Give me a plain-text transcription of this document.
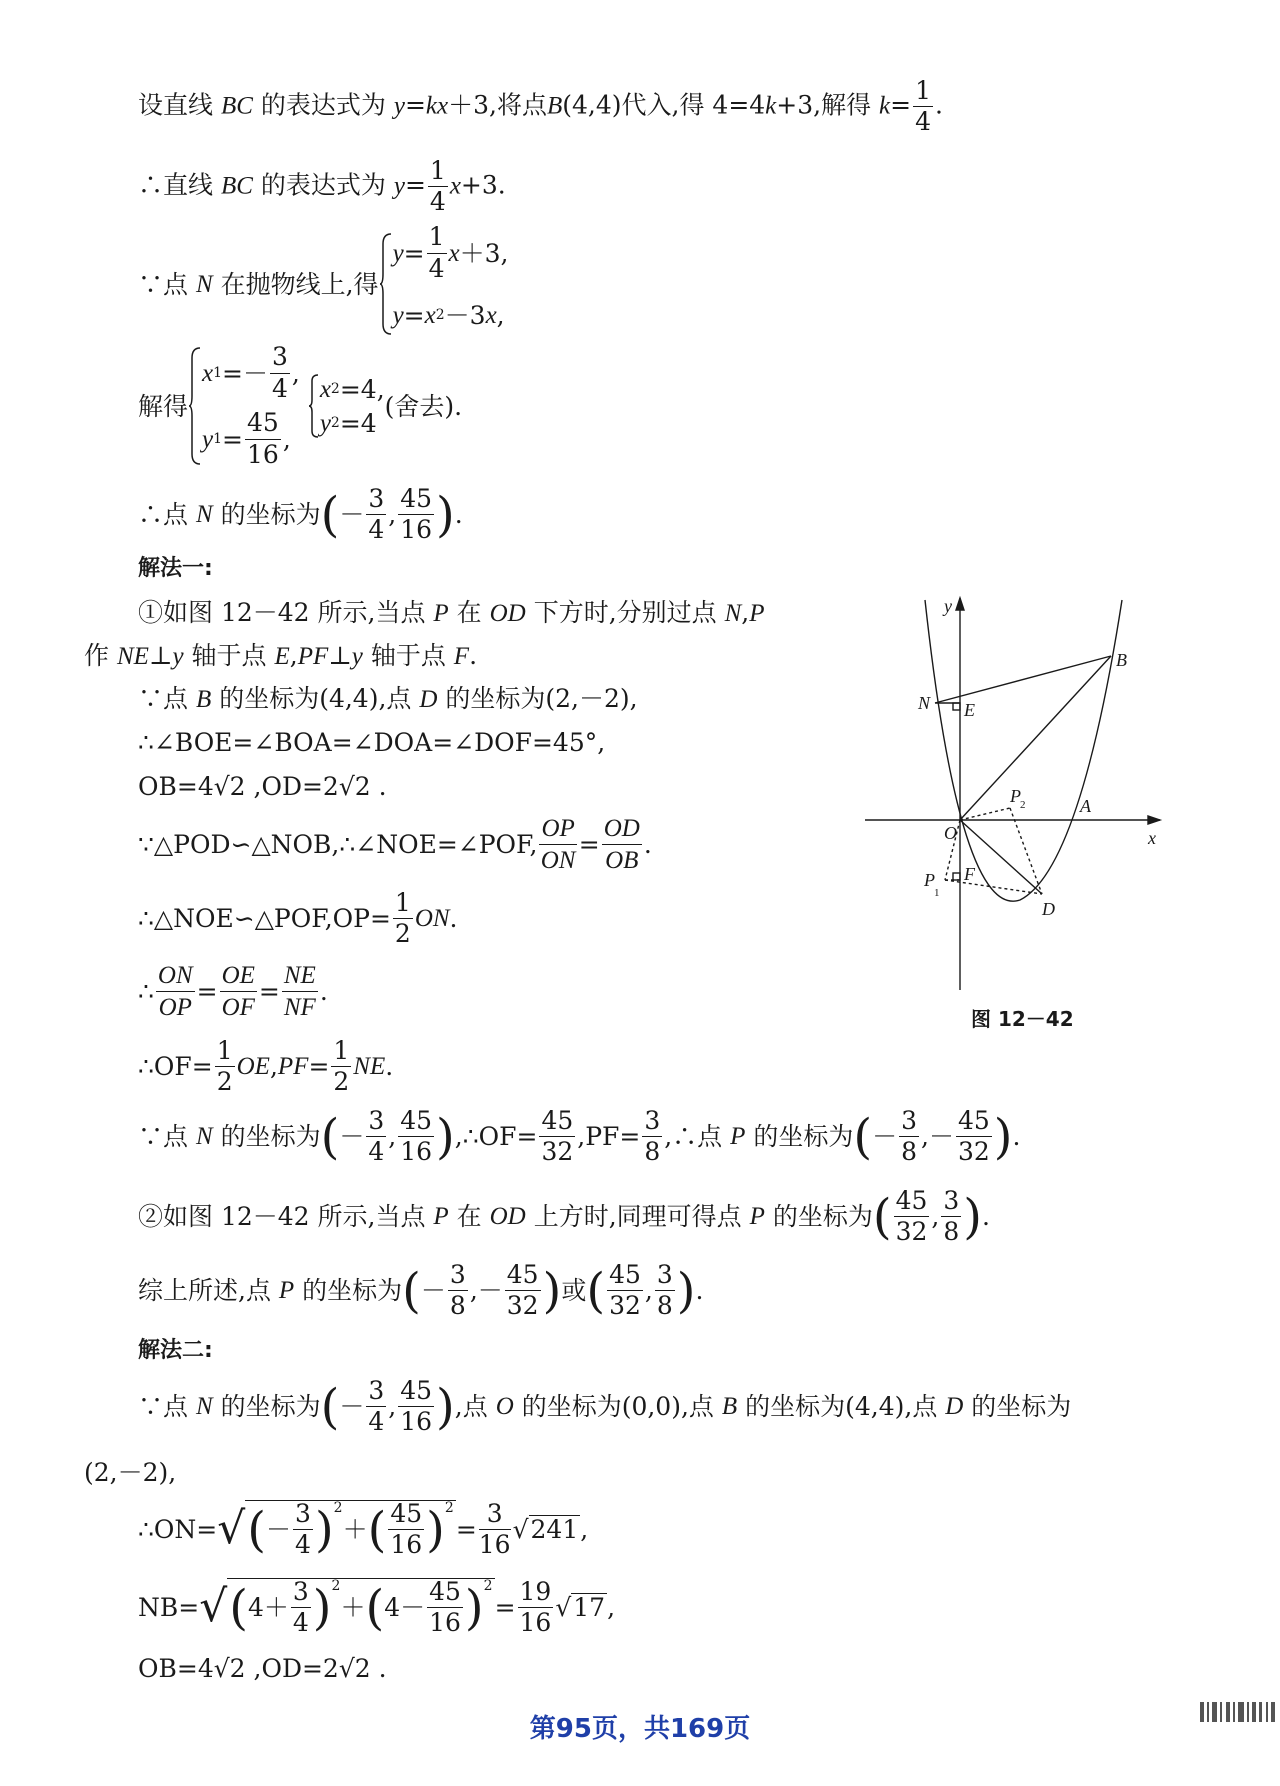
设直线 BC 的表达式为 y=kx＋3,将点B(4,4)代入,得 4=4k+3,解得 $k= \frac{1}{4}$ .
∴直线 BC 的表达式为 $y= \frac{1}{4} x+3$.
∵点
N
在抛物线上,得
$y = \frac{1}{4}$ x ＋3,
y = x 2 －3 x ,
解得
x $1 =- \frac{3}{4}$ ,
y $1 = \frac{45}{16}$ ,

x 2 =4,
y 2 =4
(舍去).
∴点
N
的坐标为 ( － $\frac{3}{4}$ , $\frac{45}{16}$ ) .
解法一:
①如图 12－42 所示,当点 P 在 OD 下方时,分别过点 N,P
作 NE⊥y 轴于点 E,PF⊥y 轴于点 F.
∵点 B 的坐标为(4,4),点 D 的坐标为(2,－2),
∴∠BOE=∠BOA=∠DOA=∠DOF=45°,
OB=4√2 ,OD=2√2 .
∵△POD∽△NOB,∴∠NOE=∠POF, $\frac{OP}{ON} = \frac{OD}{OB}$ .
∴△NOE∽△POF,OP= $\frac{1}{2}$ ON .
∴ $\frac{ON}{OP} = \frac{OE}{OF} = \frac{NE}{NF}$ .
∴OF= $\frac{1}{2}$ OE , PF = $\frac{1}{2}$ NE .
∵点
N
的坐标为 ( － $\frac{3}{4}$ , $\frac{45}{16}$ ) ,∴OF= $\frac{45}{32} ,PF= \frac{3}{8}$ ,∴点
P
的坐标为 ( － $\frac{3}{8}$ ,－ $\frac{45}{32}$ ) .
②如图 12－42 所示,当点
P
在
OD
上方时,同理可得点
P
的坐标为 ( $\frac{45}{32}$ , $\frac{3}{8}$ ) .
综上所述,点
P
的坐标为 ( － $\frac{3}{8}$ ,－ $\frac{45}{32}$ ) 或 ( $\frac{45}{32}$ , $\frac{3}{8}$ ) .
解法二:
∵点
N
的坐标为 ( － $\frac{3}{4}$ , $\frac{45}{16}$ ) ,点
O
的坐标为(0,0),点
B
的坐标为(4,4),点
D
的坐标为
(2,－2),
∴ON= √ ( － $\frac{3}{4} )^2$
＋ ( $\frac{45}{16} )^2$
= $\frac{3}{16}$ √ 241 ,
NB= √ ( $4+ \frac{3}{4} )^2$
＋ ( $4- \frac{45}{16} )^2$
= $\frac{19}{16}$ √ 17 ,
OB=4√2 ,OD=2√2 .
y
x
O
A
B
D
E
F
N
P
1
P 2
图 12－42
第95页，共169页
